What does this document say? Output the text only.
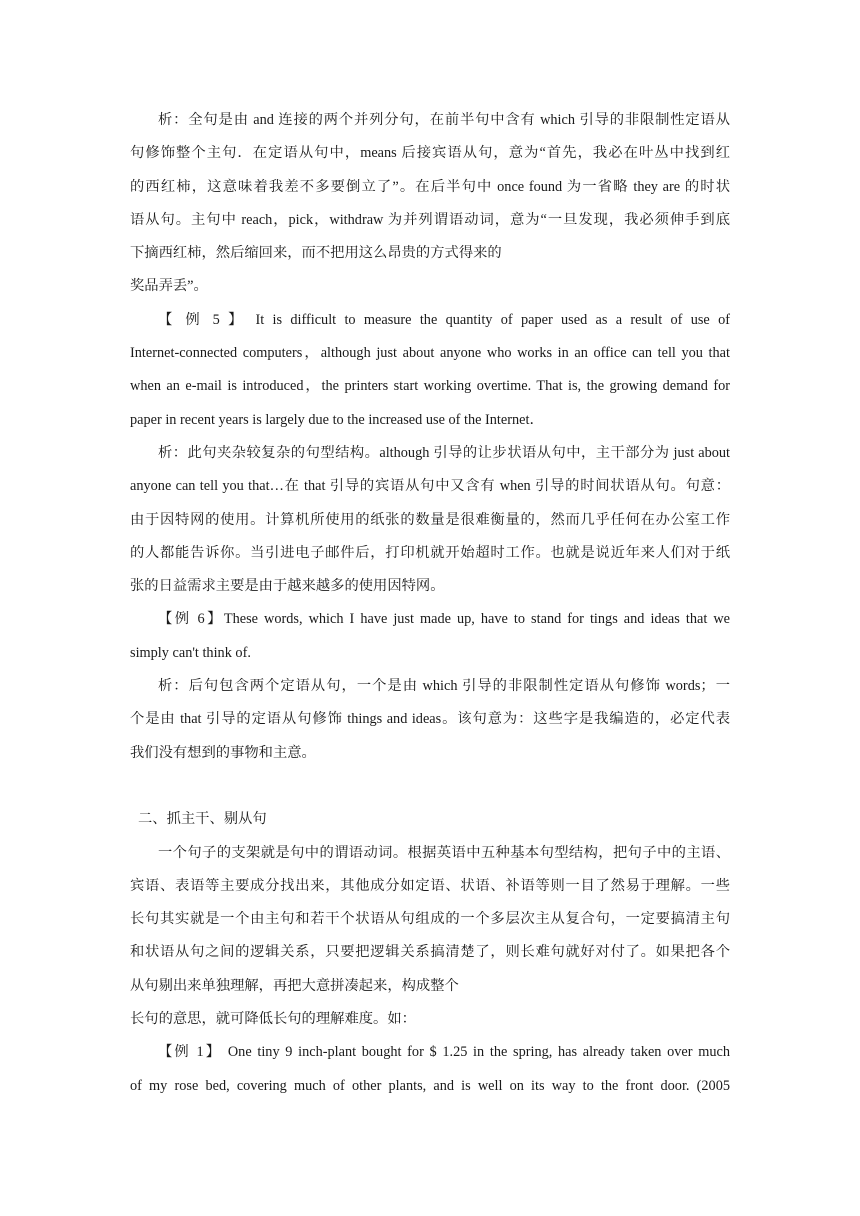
析：全句是由 and 连接的两个并列分句，在前半句中含有 which 引导的非限制性定语从
句修饰整个主句．在定语从句中，means 后接宾语从句，意为“首先，我必在叶丛中找到红
的西红柿，这意味着我差不多要倒立了”。在后半句中 once found 为一省略 they are 的时状
语从句。主句中 reach，pick，withdraw 为并列谓语动词，意为“一旦发现，我必须伸手到底
下摘西红柿，然后缩回来，而不把用这么昂贵的方式得来的
奖品弄丢”。
【 例 5 】 It is difficult to measure the quantity of paper used as a result of use of
Internet-connected computers，although just about anyone who works in an office can tell you that
when an e-mail is introduced，the printers start working overtime. That is, the growing demand for
paper in recent years is largely due to the increased use of the Internet．
析：此句夹杂较复杂的句型结构。although 引导的让步状语从句中，主干部分为 just about
anyone can tell you that…在 that 引导的宾语从句中又含有 when 引导的时间状语从句。句意：
由于因特网的使用。计算机所使用的纸张的数量是很难衡量的，然而几乎任何在办公室工作
的人都能告诉你。当引进电子邮件后，打印机就开始超时工作。也就是说近年来人们对于纸
张的日益需求主要是由于越来越多的使用因特网。
【例 6】These words, which I have just made up, have to stand for tings and ideas that we
simply can't think of.
析：后句包含两个定语从句，一个是由 which 引导的非限制性定语从句修饰 words；一
个是由 that 引导的定语从句修饰 things and ideas。该句意为：这些字是我编造的，必定代表
我们没有想到的事物和主意。
二、抓主干、剔从句
一个句子的支架就是句中的谓语动词。根据英语中五种基本句型结构，把句子中的主语、
宾语、表语等主要成分找出来，其他成分如定语、状语、补语等则一目了然易于理解。一些
长句其实就是一个由主句和若干个状语从句组成的一个多层次主从复合句，一定要搞清主句
和状语从句之间的逻辑关系，只要把逻辑关系搞清楚了，则长难句就好对付了。如果把各个
从句剔出来单独理解，再把大意拼凑起来，构成整个
长句的意思，就可降低长句的理解难度。如：
【例 1】 One tiny 9 inch-plant bought for $ 1.25 in the spring, has already taken over much
of my rose bed, covering much of other plants, and is well on its way to the front door. (2005
